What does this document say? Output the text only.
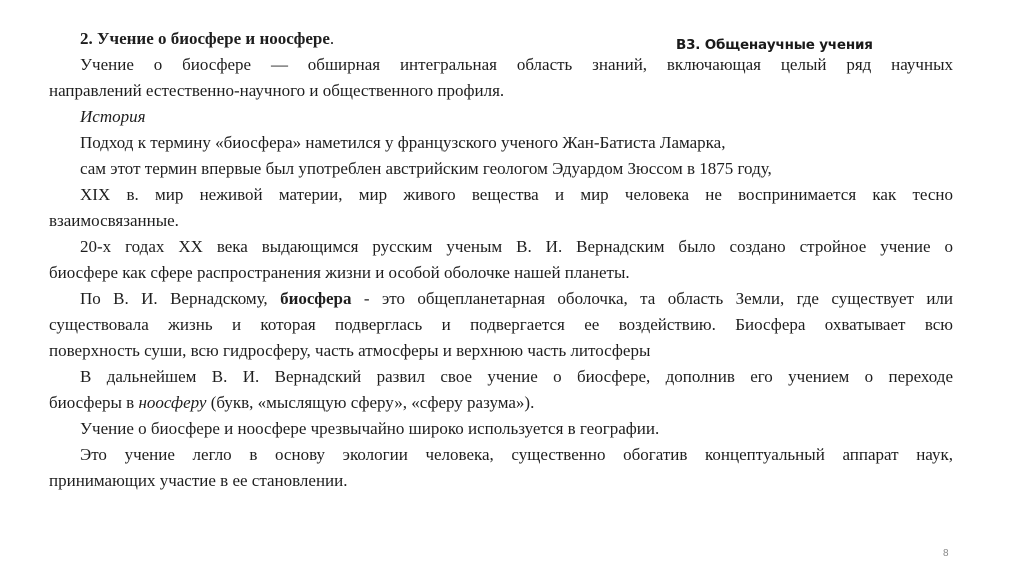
В3. Общенаучные учения
2. Учение о биосфере и ноосфере.
Учение о биосфере — обширная интегральная область знаний, включающая целый ряд научных
направлений естественно-научного и общественного профиля.
История
Подход к термину «биосфера» наметился у французского ученого Жан-Батиста Ламарка,
сам этот термин впервые был употреблен австрийским геологом Эдуардом Зюссом в 1875 году,
XIX в. мир неживой материи, мир живого вещества и мир человека не воспринимается как тесно
взаимосвязанные.
20-х годах XX века выдающимся русским ученым В. И. Вернадским было создано стройное учение о
биосфере как сфере распространения жизни и особой оболочке нашей планеты.
По В. И. Вернадскому, биосфера - это общепланетарная оболочка, та область Земли, где существует или
существовала жизнь и которая подверглась и подвергается ее воздействию. Биосфера охватывает всю
поверхность суши, всю гидросферу, часть атмосферы и верхнюю часть литосферы
В дальнейшем В. И. Вернадский развил свое учение о биосфере, дополнив его учением о переходе
биосферы в ноосферу (букв, «мыслящую сферу», «сферу разума»).
Учение о биосфере и ноосфере чрезвычайно широко используется в географии.
Это учение легло в основу экологии человека, существенно обогатив концептуальный аппарат наук,
принимающих участие в ее становлении.
8
